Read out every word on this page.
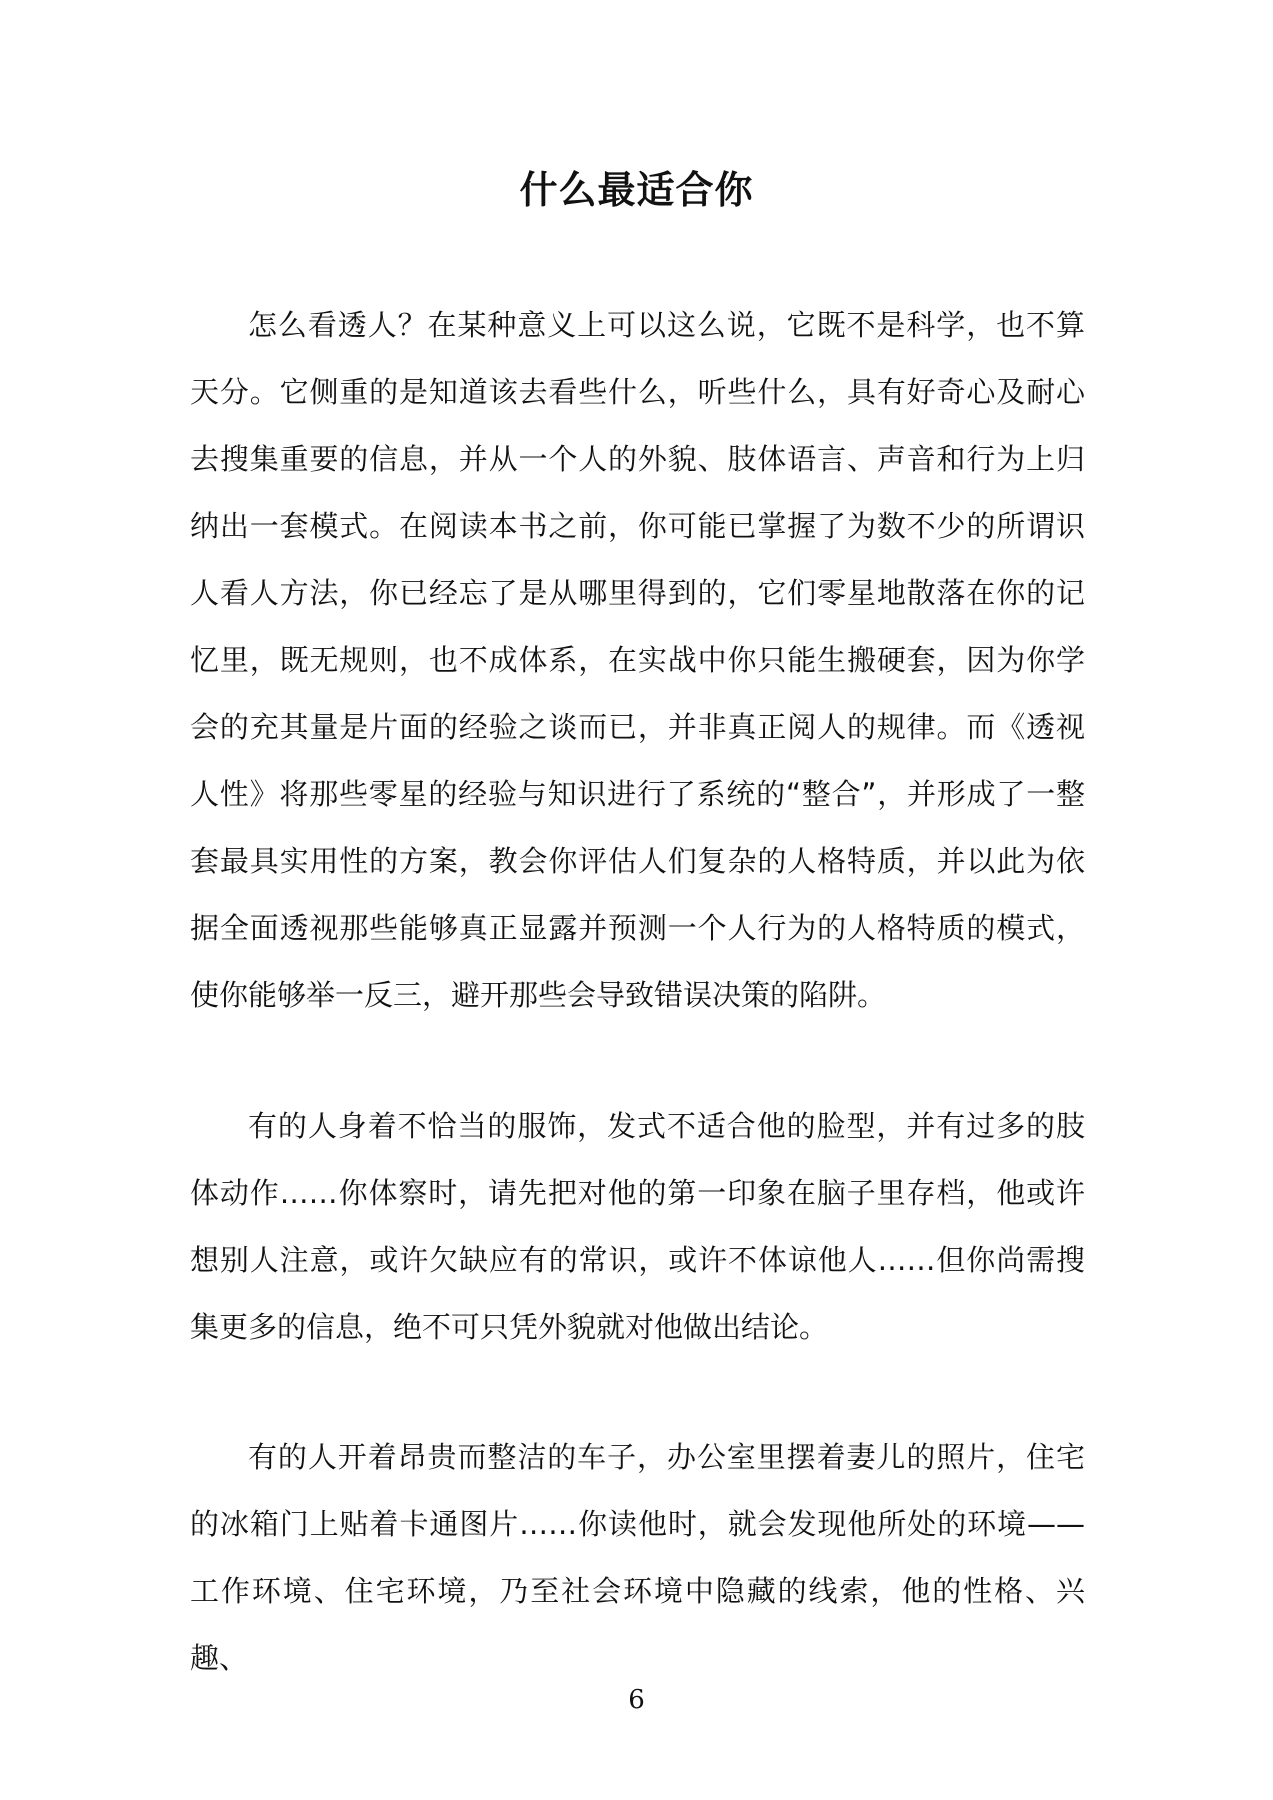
什么最适合你

怎么看透人？在某种意义上可以这么说，它既不是科学，也不算天分。它侧重的是知道该去看些什么，听些什么，具有好奇心及耐心去搜集重要的信息，并从一个人的外貌、肢体语言、声音和行为上归纳出一套模式。在阅读本书之前，你可能已掌握了为数不少的所谓识人看人方法，你已经忘了是从哪里得到的，它们零星地散落在你的记忆里，既无规则，也不成体系，在实战中你只能生搬硬套，因为你学会的充其量是片面的经验之谈而已，并非真正阅人的规律。而《透视人性》将那些零星的经验与知识进行了系统的“整合”，并形成了一整套最具实用性的方案，教会你评估人们复杂的人格特质，并以此为依据全面透视那些能够真正显露并预测一个人行为的人格特质的模式，使你能够举一反三，避开那些会导致错误决策的陷阱。

有的人身着不恰当的服饰，发式不适合他的脸型，并有过多的肢体动作……你体察时，请先把对他的第一印象在脑子里存档，他或许想别人注意，或许欠缺应有的常识，或许不体谅他人……但你尚需搜集更多的信息，绝不可只凭外貌就对他做出结论。

有的人开着昂贵而整洁的车子，办公室里摆着妻儿的照片，住宅的冰箱门上贴着卡通图片……你读他时，就会发现他所处的环境——工作环境、住宅环境，乃至社会环境中隐藏的线索，他的性格、兴趣、

6
